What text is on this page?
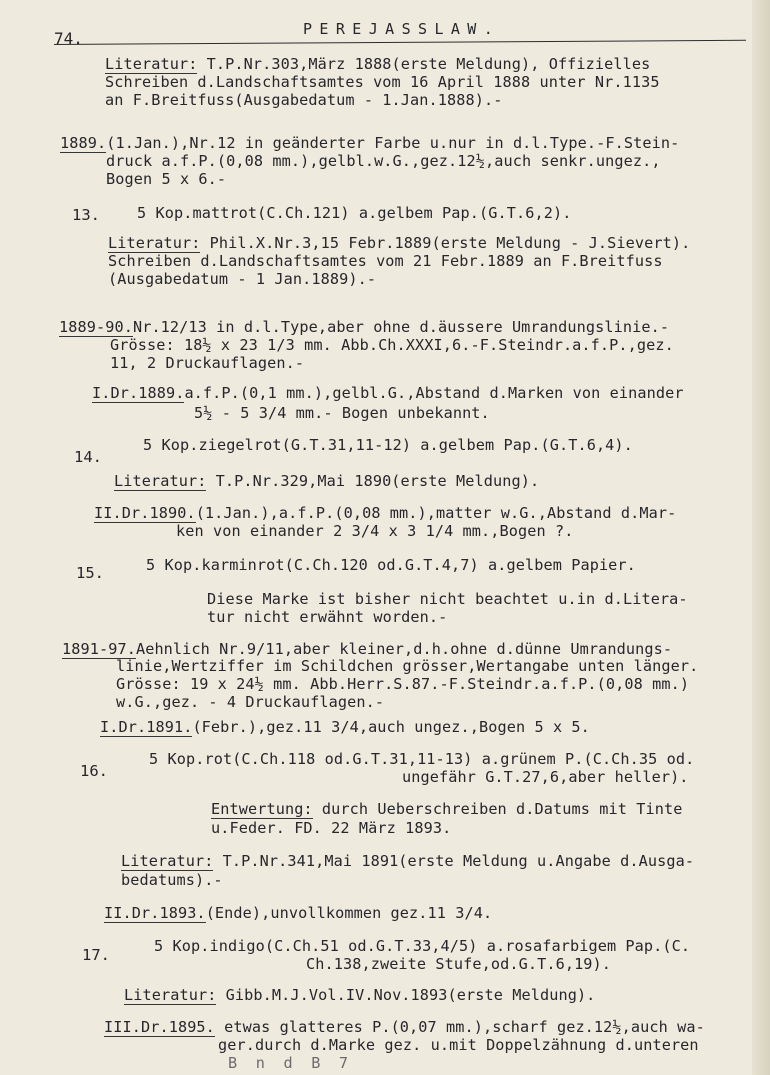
74.	PEREJASSLAW.
Literatur: T.P.Nr.303,März 1888(erste Meldung), Offizielles
Schreiben d.Landschaftsamtes vom 16 April 1888 unter Nr.1135
an F.Breitfuss(Ausgabedatum - 1.Jan.1888).-
1889.(1.Jan.),Nr.12 in geänderter Farbe u.nur in d.l.Type.-F.Stein-
druck a.f.P.(0,08 mm.),gelbl.w.G.,gez.12½,auch senkr.ungez.,
Bogen 5 x 6.-
13. 5 Kop.mattrot(C.Ch.121) a.gelbem Pap.(G.T.6,2).
Literatur: Phil.X.Nr.3,15 Febr.1889(erste Meldung - J.Sievert).
Schreiben d.Landschaftsamtes vom 21 Febr.1889 an F.Breitfuss
(Ausgabedatum - 1 Jan.1889).-
1889-90.Nr.12/13 in d.l.Type,aber ohne d.äussere Umrandungslinie.-
Grösse: 18½ x 23 1/3 mm. Abb.Ch.XXXI,6.-F.Steindr.a.f.P.,gez.
11, 2 Druckauflagen.-
I.Dr.1889.a.f.P.(0,1 mm.),gelbl.G.,Abstand d.Marken von einander
5½ - 5 3/4 mm.- Bogen unbekannt.
14.
5 Kop.ziegelrot(G.T.31,11-12) a.gelbem Pap.(G.T.6,4).
Literatur: T.P.Nr.329,Mai 1890(erste Meldung).
II.Dr.1890.(1.Jan.),a.f.P.(0,08 mm.),matter w.G.,Abstand d.Mar-
ken von einander 2 3/4 x 3 1/4 mm.,Bogen ?.
15.	5 Kop.karminrot(C.Ch.120 od.G.T.4,7) a.gelbem Papier.
Diese Marke ist bisher nicht beachtet u.in d.Litera-
tur nicht erwähnt worden.-
1891-97.Aehnlich Nr.9/11,aber kleiner,d.h.ohne d.dünne Umrandungs-
linie,Wertziffer im Schildchen grösser,Wertangabe unten länger.
Grösse: 19 x 24½ mm. Abb.Herr.S.87.-F.Steindr.a.f.P.(0,08 mm.)
w.G.,gez. - 4 Druckauflagen.-
I.Dr.1891.(Febr.),gez.11 3/4,auch ungez.,Bogen 5 x 5.
16.
5 Kop.rot(C.Ch.118 od.G.T.31,11-13) a.grünem P.(C.Ch.35 od.
ungefähr G.T.27,6,aber heller).
Entwertung: durch Ueberschreiben d.Datums mit Tinte
u.Feder. FD. 22 März 1893.
Literatur: T.P.Nr.341,Mai 1891(erste Meldung u.Angabe d.Ausga-
bedatums).-
II.Dr.1893.(Ende),unvollkommen gez.11 3/4.
17.	5 Kop.indigo(C.Ch.51 od.G.T.33,4/5) a.rosafarbigem Pap.(C.
Ch.138,zweite Stufe,od.G.T.6,19).
Literatur: Gibb.M.J.Vol.IV.Nov.1893(erste Meldung).
III.Dr.1895. etwas glatteres P.(0,07 mm.),scharf gez.12½,auch wa-
ger.durch d.Marke gez. u.mit Doppelzähnung d.unteren
B  n  d  B  7
